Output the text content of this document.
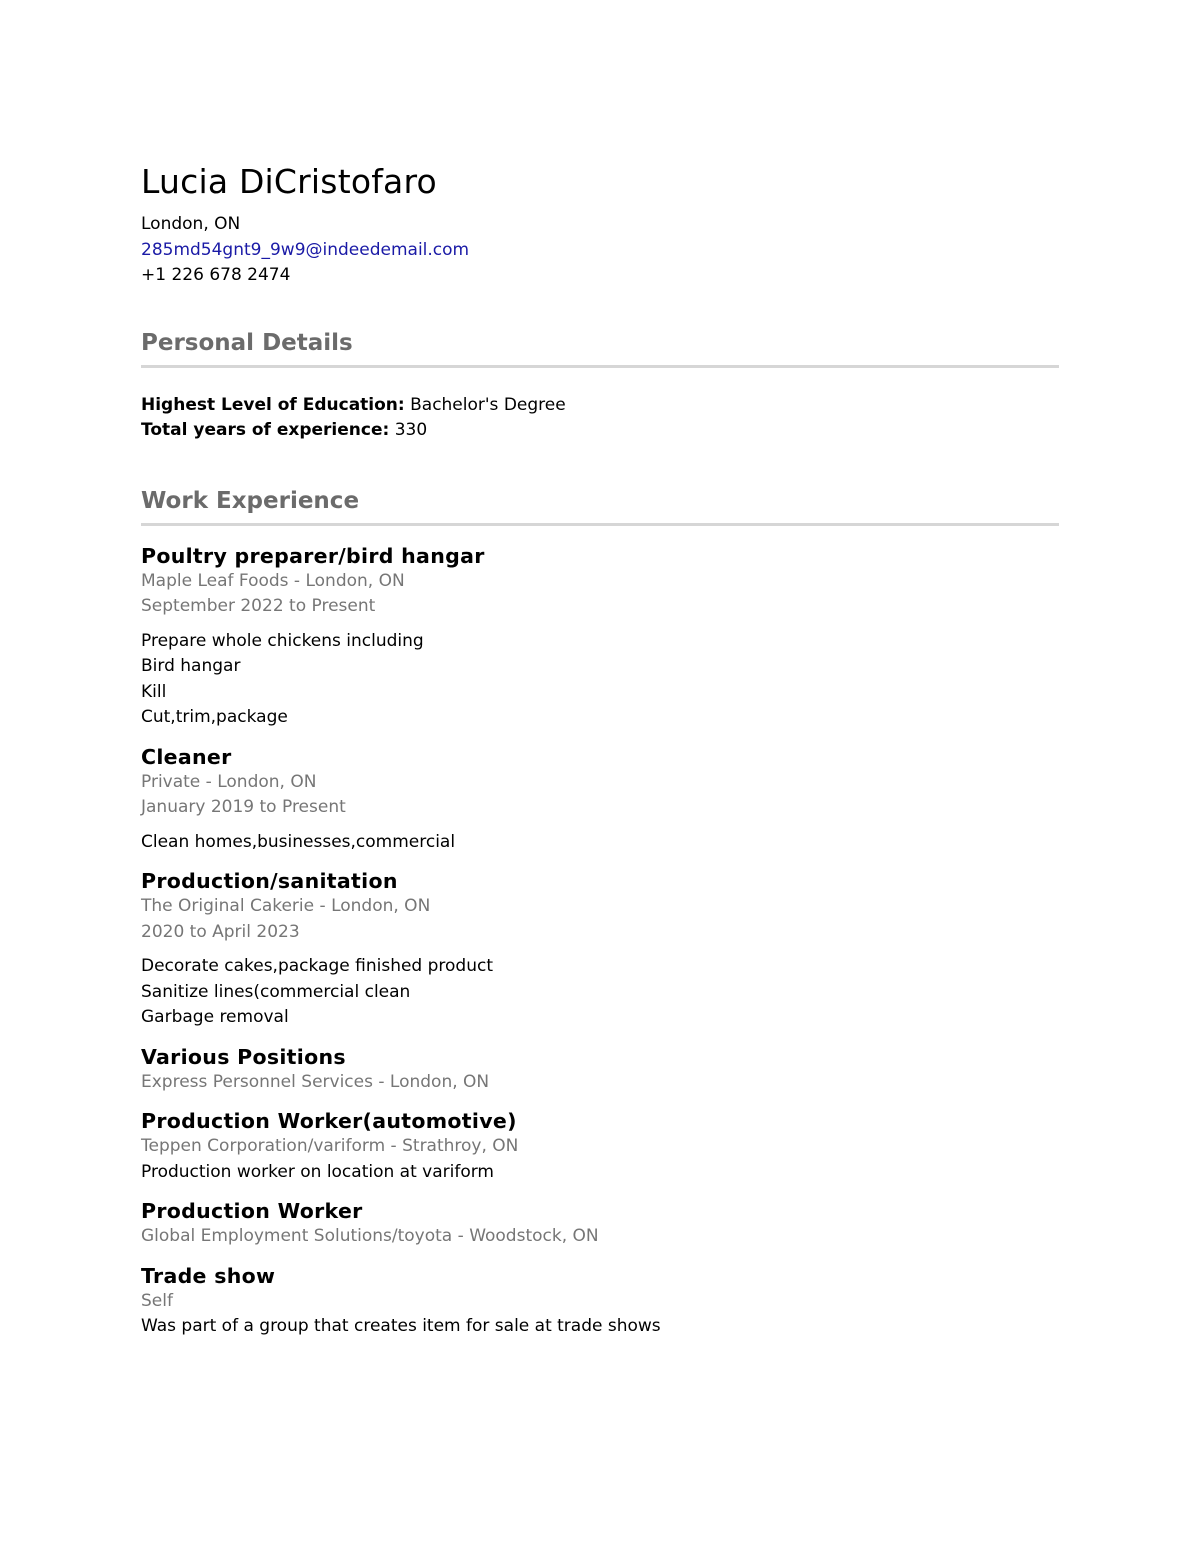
Lucia DiCristofaro

London, ON

285md54gnt9_9w9@indeedemail.com

+1 226 678 2474

Personal Details

Highest Level of Education: Bachelor's Degree

Total years of experience: 330

Work Experience

Poultry preparer/bird hangar

Maple Leaf Foods - London, ON

September 2022 to Present

Prepare whole chickens including

Bird hangar

Kill

Cut,trim,package

Cleaner

Private - London, ON

January 2019 to Present

Clean homes,businesses,commercial

Production/sanitation

The Original Cakerie - London, ON

2020 to April 2023

Decorate cakes,package finished product

Sanitize lines(commercial clean

Garbage removal

Various Positions

Express Personnel Services - London, ON

Production Worker(automotive)

Teppen Corporation/variform - Strathroy, ON

Production worker on location at variform

Production Worker

Global Employment Solutions/toyota - Woodstock, ON

Trade show

Self

Was part of a group that creates item for sale at trade shows
